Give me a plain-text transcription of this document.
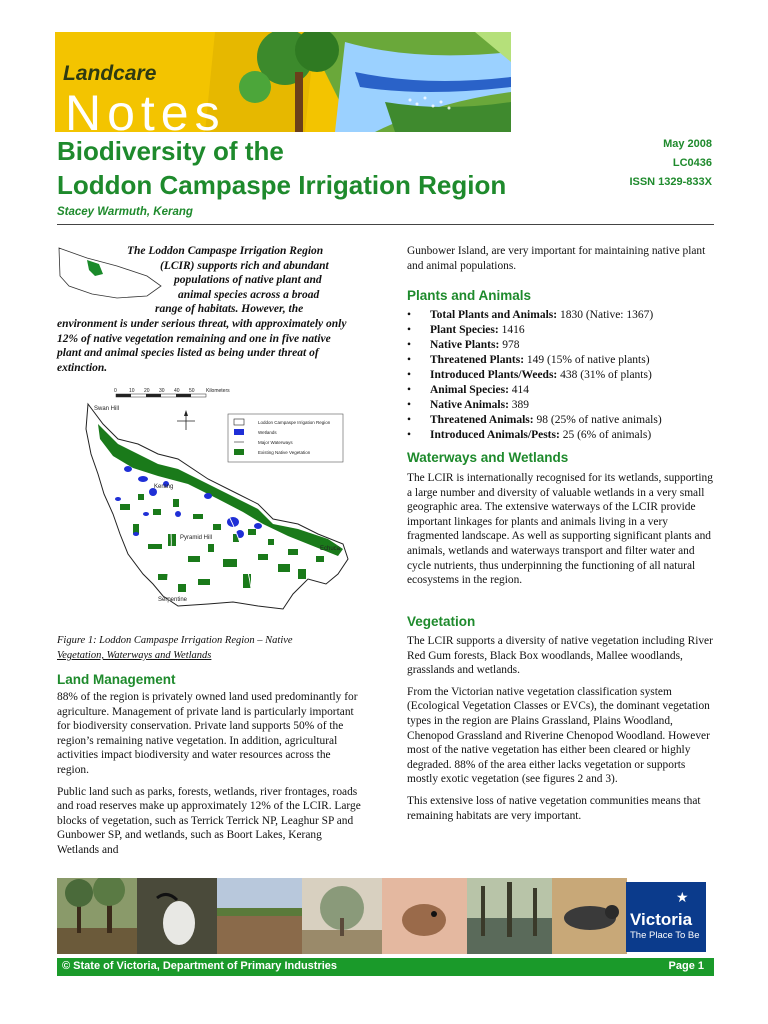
Landcare
Notes
Biodiversity of the
Loddon Campaspe Irrigation Region
Stacey Warmuth, Kerang
May 2008
LC0436
ISSN 1329-833X

The Loddon Campaspe Irrigation Region

(LCIR) supports rich and abundant

populations of native plant and

animal species across a broad

range of habitats. However, the

environment is under serious threat, with approximately only 12% of native vegetation remaining and one in five native plant and animal species listed as being under threat of extinction.

0 10 20 30 40 50 Kilometers
Loddon Campaspe Irrigation Region
Wetlands
Major Waterways
Existing Native Vegetation
Swan Hill
Kerang
Pyramid Hill
Echuca
Serpentine
Figure 1: Loddon Campaspe Irrigation Region – Native
Vegetation, Waterways and Wetlands
Land Management

88% of the region is privately owned land used predominantly for agriculture. Management of private land is particularly important for biodiversity conservation. Private land supports 50% of the region’s remaining native vegetation. In addition, agricultural activities impact biodiversity and water resources across the region.

Public land such as parks, forests, wetlands, river frontages, roads and road reserves make up approximately 12% of the LCIR. Large blocks of vegetation, such as Terrick Terrick NP, Leaghur SP and Gunbower SP, and wetlands, such as Boort Lakes, Kerang Wetlands and

Gunbower Island, are very important for maintaining native plant and animal populations.

Plants and Animals
• Total Plants and Animals: 1830 (Native: 1367)
• Plant Species: 1416
• Native Plants: 978
• Threatened Plants: 149 (15% of native plants)
• Introduced Plants/Weeds: 438 (31% of plants)
• Animal Species: 414
• Native Animals: 389
• Threatened Animals: 98 (25% of native animals)
• Introduced Animals/Pests: 25 (6% of animals)
Waterways and Wetlands

The LCIR is internationally recognised for its wetlands, supporting a large number and diversity of valuable wetlands in a very small geographic area. The extensive waterways of the LCIR provide important linkages for plants and animals living in a very fragmented landscape. As well as supporting significant plants and animals, wetlands and waterways transport and filter water and cycle nutrients, thus underpinning the functioning of all natural ecosystems in the region.

Vegetation

The LCIR supports a diversity of native vegetation including River Red Gum forests, Black Box woodlands, Mallee woodlands, grasslands and wetlands.

From the Victorian native vegetation classification system (Ecological Vegetation Classes or EVCs), the dominant vegetation types in the region are Plains Grassland, Plains Woodland, Chenopod Grassland and Riverine Chenopod Woodland. However most of the native vegetation has either been cleared or highly degraded. 88% of the area either lacks vegetation or supports mostly exotic vegetation (see figures 2 and 3).

This extensive loss of native vegetation communities means that remaining habitats are very important.

★
Victoria
The Place To Be
© State of Victoria, Department of Primary Industries	Page 1
